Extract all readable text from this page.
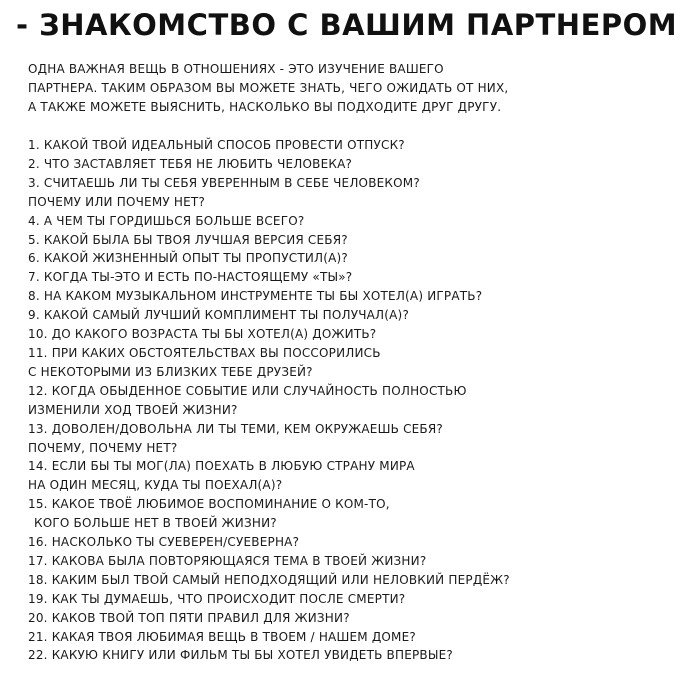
- ЗНАКОМСТВО С ВАШИМ ПАРТНЕРОМ
ОДНА ВАЖНАЯ ВЕЩЬ В ОТНОШЕНИЯХ - ЭТО ИЗУЧЕНИЕ ВАШЕГО
ПАРТНЕРА. ТАКИМ ОБРАЗОМ ВЫ МОЖЕТЕ ЗНАТЬ, ЧЕГО ОЖИДАТЬ ОТ НИХ,
А ТАКЖЕ МОЖЕТЕ ВЫЯСНИТЬ, НАСКОЛЬКО ВЫ ПОДХОДИТЕ ДРУГ ДРУГУ.
1. КАКОЙ ТВОЙ ИДЕАЛЬНЫЙ СПОСОБ ПРОВЕСТИ ОТПУСК?
2. ЧТО ЗАСТАВЛЯЕТ ТЕБЯ НЕ ЛЮБИТЬ ЧЕЛОВЕКА?
3. СЧИТАЕШЬ ЛИ ТЫ СЕБЯ УВЕРЕННЫМ В СЕБЕ ЧЕЛОВЕКОМ?
ПОЧЕМУ ИЛИ ПОЧЕМУ НЕТ?
4. А ЧЕМ ТЫ ГОРДИШЬСЯ БОЛЬШЕ ВСЕГО?
5. КАКОЙ БЫЛА БЫ ТВОЯ ЛУЧШАЯ ВЕРСИЯ СЕБЯ?
6. КАКОЙ ЖИЗНЕННЫЙ ОПЫТ ТЫ ПРОПУСТИЛ(А)?
7. КОГДА ТЫ-ЭТО И ЕСТЬ ПО-НАСТОЯЩЕМУ «ТЫ»?
8. НА КАКОМ МУЗЫКАЛЬНОМ ИНСТРУМЕНТЕ ТЫ БЫ ХОТЕЛ(А) ИГРАТЬ?
9. КАКОЙ САМЫЙ ЛУЧШИЙ КОМПЛИМЕНТ ТЫ ПОЛУЧАЛ(А)?
10. ДО КАКОГО ВОЗРАСТА ТЫ БЫ ХОТЕЛ(А) ДОЖИТЬ?
11. ПРИ КАКИХ ОБСТОЯТЕЛЬСТВАХ ВЫ ПОССОРИЛИСЬ
С НЕКОТОРЫМИ ИЗ БЛИЗКИХ ТЕБЕ ДРУЗЕЙ?
12. КОГДА ОБЫДЕННОЕ СОБЫТИЕ ИЛИ СЛУЧАЙНОСТЬ ПОЛНОСТЬЮ
ИЗМЕНИЛИ ХОД ТВОЕЙ ЖИЗНИ?
13. ДОВОЛЕН/ДОВОЛЬНА ЛИ ТЫ ТЕМИ, КЕМ ОКРУЖАЕШЬ СЕБЯ?
ПОЧЕМУ, ПОЧЕМУ НЕТ?
14. ЕСЛИ БЫ ТЫ МОГ(ЛА) ПОЕХАТЬ В ЛЮБУЮ СТРАНУ МИРА
НА ОДИН МЕСЯЦ, КУДА ТЫ ПОЕХАЛ(А)?
15. КАКОЕ ТВОЁ ЛЮБИМОЕ ВОСПОМИНАНИЕ О КОМ-ТО,
КОГО БОЛЬШЕ НЕТ В ТВОЕЙ ЖИЗНИ?
16. НАСКОЛЬКО ТЫ СУЕВЕРЕН/СУЕВЕРНА?
17. КАКОВА БЫЛА ПОВТОРЯЮЩАЯСЯ ТЕМА В ТВОЕЙ ЖИЗНИ?
18. КАКИМ БЫЛ ТВОЙ САМЫЙ НЕПОДХОДЯЩИЙ ИЛИ НЕЛОВКИЙ ПЕРДЁЖ?
19. КАК ТЫ ДУМАЕШЬ, ЧТО ПРОИСХОДИТ ПОСЛЕ СМЕРТИ?
20. КАКОВ ТВОЙ ТОП ПЯТИ ПРАВИЛ ДЛЯ ЖИЗНИ?
21. КАКАЯ ТВОЯ ЛЮБИМАЯ ВЕЩЬ В ТВОЕМ / НАШЕМ ДОМЕ?
22. КАКУЮ КНИГУ ИЛИ ФИЛЬМ ТЫ БЫ ХОТЕЛ УВИДЕТЬ ВПЕРВЫЕ?
